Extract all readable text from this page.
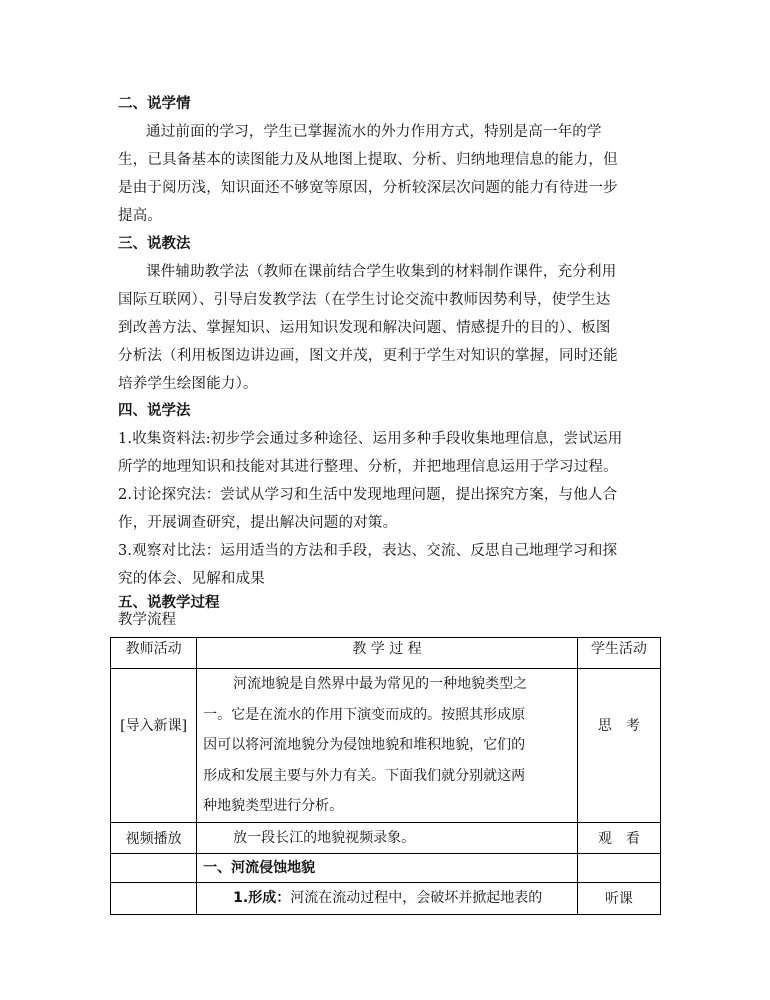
二、说学情
通过前面的学习，学生已掌握流水的外力作用方式，特别是高一年的学
生，已具备基本的读图能力及从地图上提取、分析、归纳地理信息的能力，但
是由于阅历浅，知识面还不够宽等原因，分析较深层次问题的能力有待进一步
提高。
三、说教法
课件辅助教学法（教师在课前结合学生收集到的材料制作课件，充分利用
国际互联网）、引导启发教学法（在学生讨论交流中教师因势利导，使学生达
到改善方法、掌握知识、运用知识发现和解决问题、情感提升的目的）、板图
分析法（利用板图边讲边画，图文并茂，更利于学生对知识的掌握，同时还能
培养学生绘图能力）。
四、说学法
1.收集资料法:初步学会通过多种途径、运用多种手段收集地理信息，尝试运用
所学的地理知识和技能对其进行整理、分析，并把地理信息运用于学习过程。
2.讨论探究法：尝试从学习和生活中发现地理问题，提出探究方案，与他人合
作，开展调查研究，提出解决问题的对策。
3.观察对比法：运用适当的方法和手段，表达、交流、反思自己地理学习和探
究的体会、见解和成果
五、说教学过程
教学流程
教师活动	教 学 过 程	学生活动

[导入新课]	河流地貌是自然界中最为常见的一种地貌类型之
一。它是在流水的作用下演变而成的。按照其形成原
因可以将河流地貌分为侵蚀地貌和堆积地貌，它们的
形成和发展主要与外力有关。下面我们就分别就这两
种地貌类型进行分析。	思　考

视频播放	放一段长江的地貌视频录象。	观　看

	一、河流侵蚀地貌	

	1.形成：河流在流动过程中，会破坏并掀起地表的	听课
